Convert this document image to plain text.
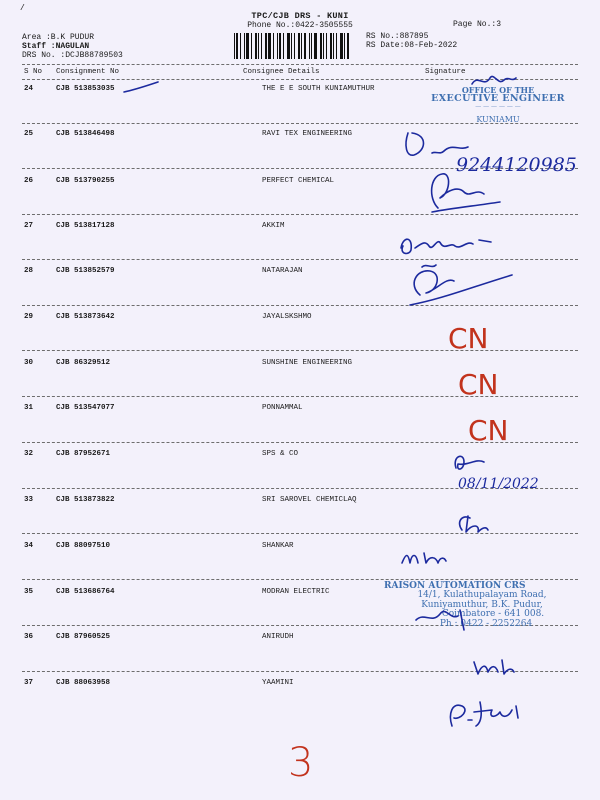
/
TPC/CJB DRS - KUNI
Phone No.:0422-3505555	Page No.:3
Area :B.K PUDUR
Staff :NAGULAN
DRS No. :DCJB88789503
RS No.:887895
RS Date:08-Feb-2022
S No Consignment No	Consignee Details	Signature
24	CJB 513853035	THE E E SOUTH KUNIAMUTHUR
25	CJB 513846498	RAVI TEX ENGINEERING
26	CJB 513790255	PERFECT CHEMICAL
27	CJB 513817128	AKKIM
28	CJB 513852579	NATARAJAN
29	CJB 513873642	JAYALSKSHMO
30	CJB 86329512	SUNSHINE ENGINEERING
31	CJB 513547077	PONNAMMAL
32	CJB 87952671	SPS & CO
33	CJB 513873822	SRI SAROVEL CHEMICLAQ
34	CJB 88097510	SHANKAR
35	CJB 513686764	MODRAN ELECTRIC
36	CJB 87960525	ANIRUDH
37	CJB 88063958	YAAMINI
OFFICE OF THE
EXECUTIVE ENGINEER
— — — — — —
KUNIAMU
9244120985
CN
CN
CN
08/11/2022
RAISON AUTOMATION CRS
14/1, Kulathupalayam Road,
Kuniyamuthur, B.K. Pudur,
Coimbatore - 641 008.
Ph : 0422 - 2252264
3
